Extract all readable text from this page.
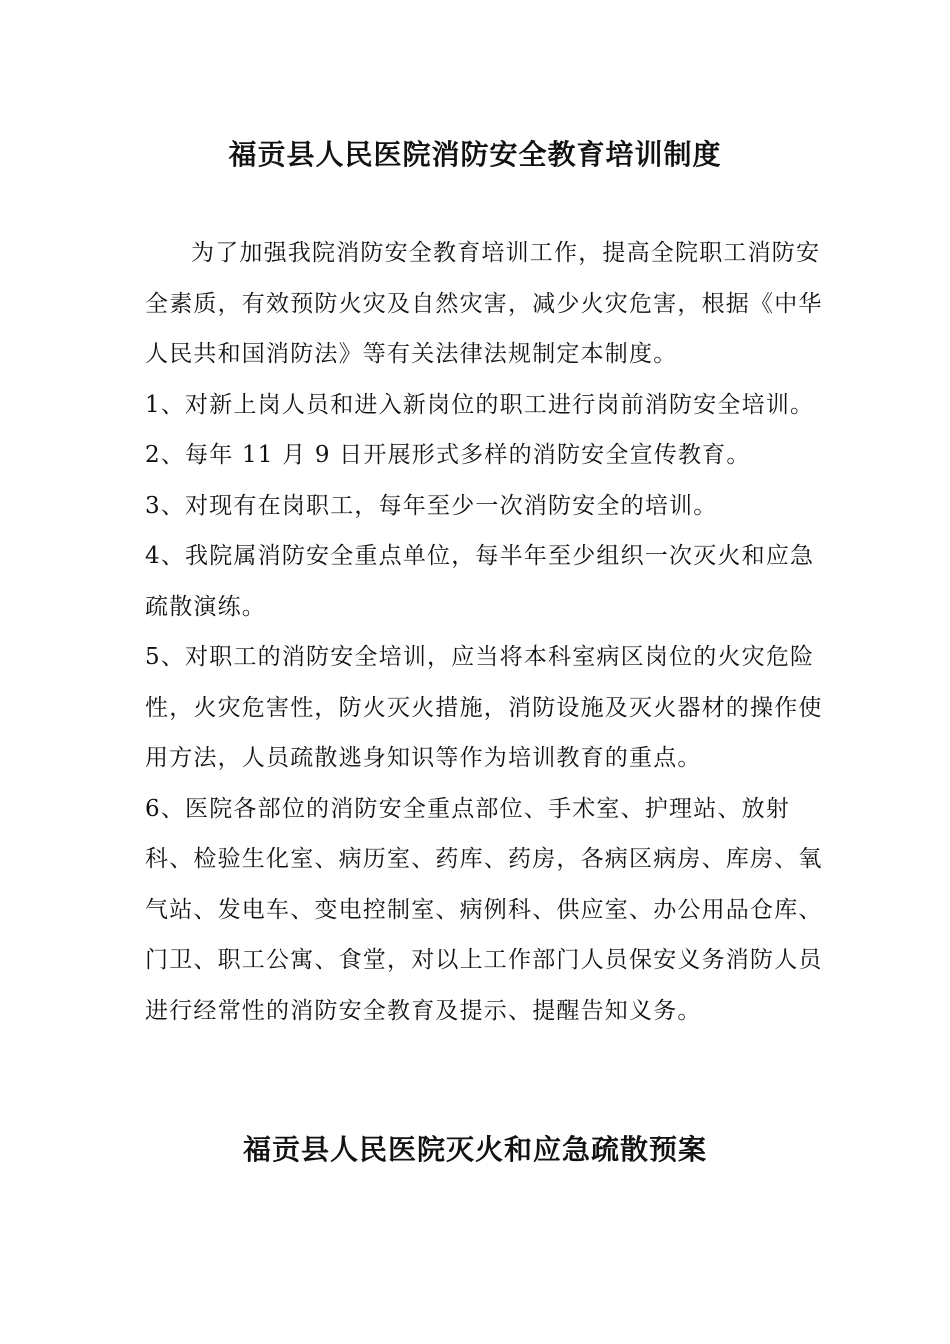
福贡县人民医院消防安全教育培训制度

为了加强我院消防安全教育培训工作，提高全院职工消防安全素质，有效预防火灾及自然灾害，减少火灾危害，根据《中华人民共和国消防法》等有关法律法规制定本制度。

1、对新上岗人员和进入新岗位的职工进行岗前消防安全培训。

2、每年 11 月 9 日开展形式多样的消防安全宣传教育。

3、对现有在岗职工，每年至少一次消防安全的培训。

4、我院属消防安全重点单位，每半年至少组织一次灭火和应急疏散演练。

5、对职工的消防安全培训，应当将本科室病区岗位的火灾危险性，火灾危害性，防火灭火措施，消防设施及灭火器材的操作使用方法，人员疏散逃身知识等作为培训教育的重点。

6、医院各部位的消防安全重点部位、手术室、护理站、放射科、检验生化室、病历室、药库、药房，各病区病房、库房、氧气站、发电车、变电控制室、病例科、供应室、办公用品仓库、门卫、职工公寓、食堂，对以上工作部门人员保安义务消防人员进行经常性的消防安全教育及提示、提醒告知义务。

福贡县人民医院灭火和应急疏散预案
